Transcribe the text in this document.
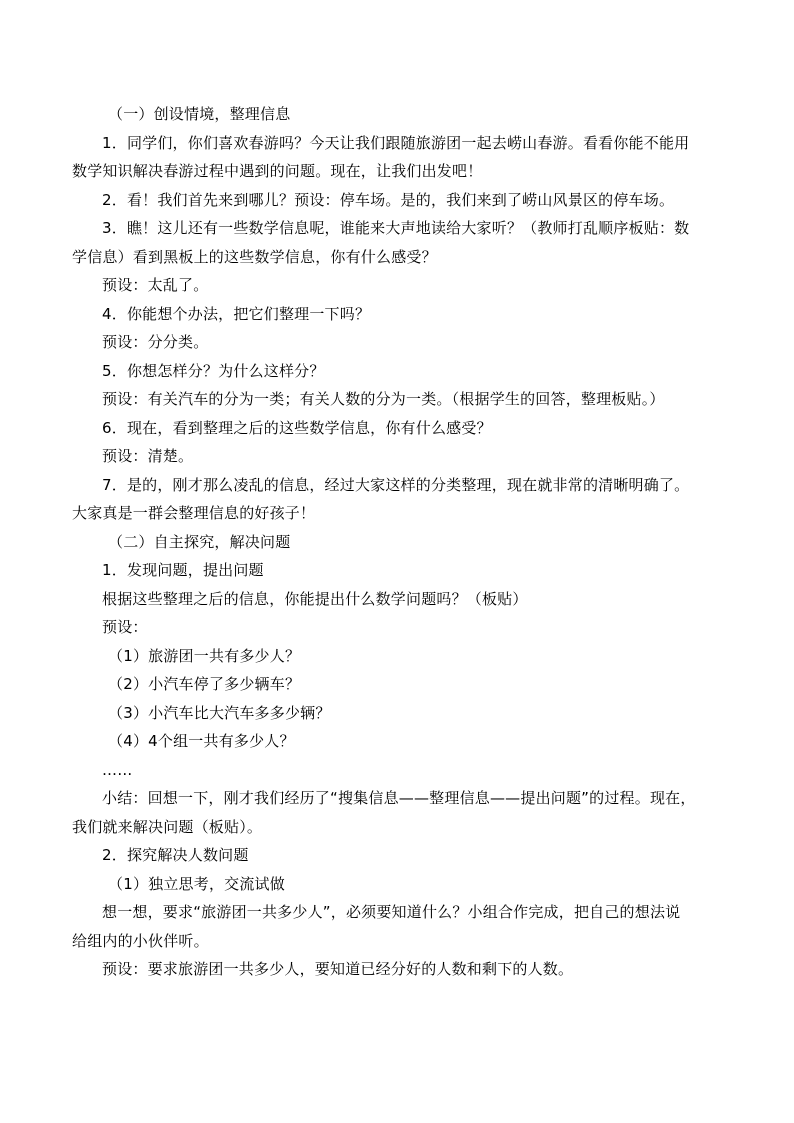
（一）创设情境，整理信息
1．同学们，你们喜欢春游吗？今天让我们跟随旅游团一起去崂山春游。看看你能不能用
数学知识解决春游过程中遇到的问题。现在，让我们出发吧！
2．看！我们首先来到哪儿？预设：停车场。是的，我们来到了崂山风景区的停车场。
3．瞧！这儿还有一些数学信息呢，谁能来大声地读给大家听？（教师打乱顺序板贴：数
学信息）看到黑板上的这些数学信息，你有什么感受？
预设：太乱了。
4．你能想个办法，把它们整理一下吗？
预设：分分类。
5．你想怎样分？为什么这样分？
预设：有关汽车的分为一类；有关人数的分为一类。（根据学生的回答，整理板贴。）
6．现在，看到整理之后的这些数学信息，你有什么感受？
预设：清楚。
7．是的，刚才那么凌乱的信息，经过大家这样的分类整理，现在就非常的清晰明确了。
大家真是一群会整理信息的好孩子！
（二）自主探究，解决问题
1．发现问题，提出问题
根据这些整理之后的信息，你能提出什么数学问题吗？（板贴）
预设：
（1）旅游团一共有多少人？
（2）小汽车停了多少辆车？
（3）小汽车比大汽车多多少辆？
（4）4个组一共有多少人？
……
小结：回想一下，刚才我们经历了“搜集信息——整理信息——提出问题”的过程。现在，
我们就来解决问题（板贴）。
2．探究解决人数问题
（1）独立思考，交流试做
想一想，要求“旅游团一共多少人”，必须要知道什么？小组合作完成，把自己的想法说
给组内的小伙伴听。
预设：要求旅游团一共多少人，要知道已经分好的人数和剩下的人数。
